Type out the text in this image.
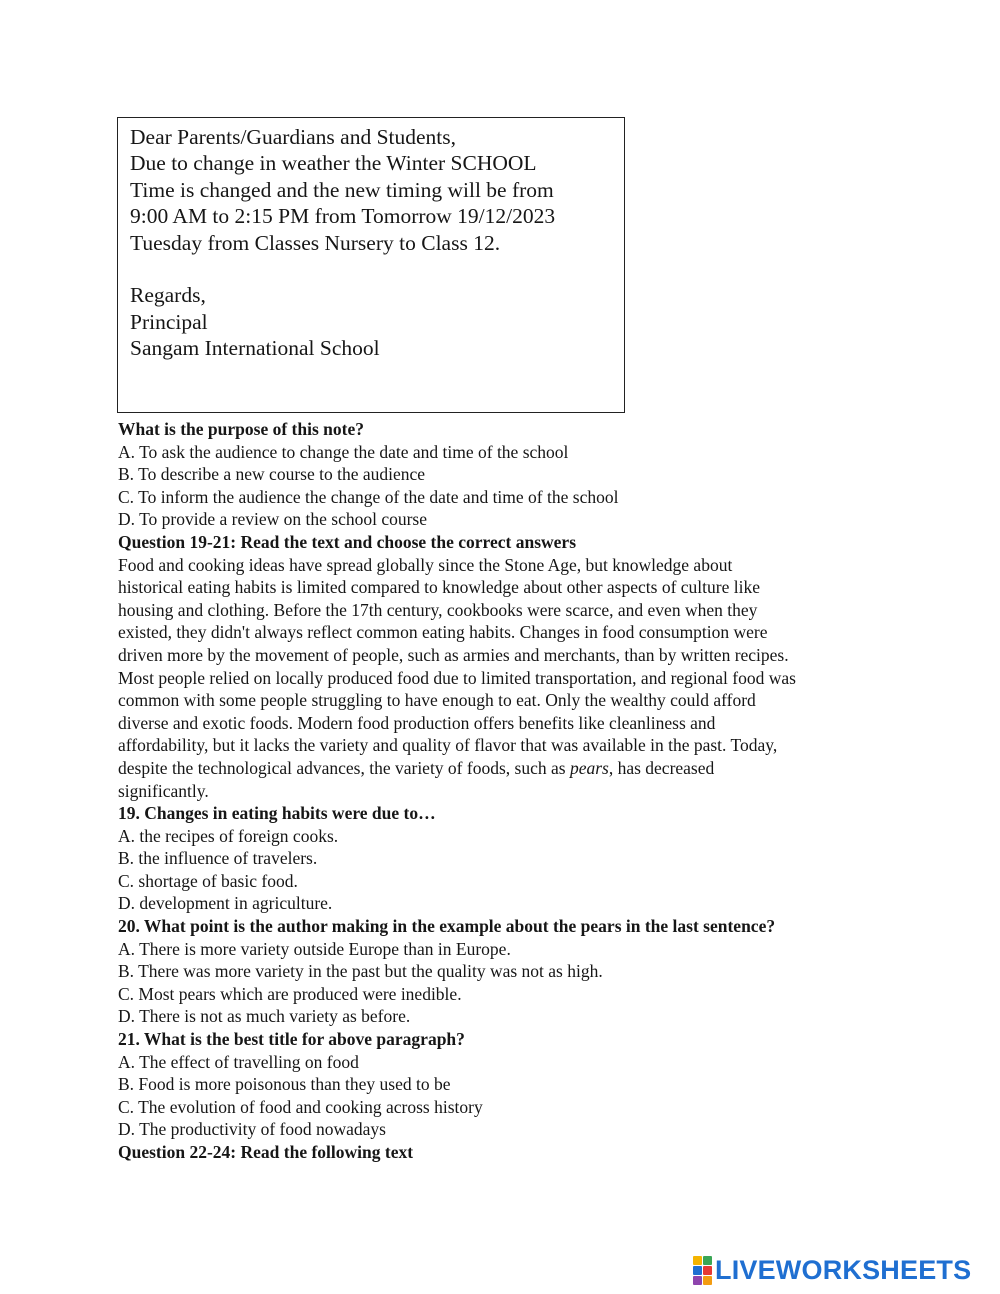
Dear Parents/Guardians and Students,
Due to change in weather the Winter SCHOOL
Time is changed and the new timing will be from
9:00 AM to 2:15 PM from Tomorrow 19/12/2023
Tuesday from Classes Nursery to Class 12.
Regards,
Principal
Sangam International School
What is the purpose of this note?
A. To ask the audience to change the date and time of the school
B. To describe a new course to the audience
C. To inform the audience the change of the date and time of the school
D. To provide a review on the school course
Question 19-21: Read the text and choose the correct answers
Food and cooking ideas have spread globally since the Stone Age, but knowledge about
historical eating habits is limited compared to knowledge about other aspects of culture like
housing and clothing. Before the 17th century, cookbooks were scarce, and even when they
existed, they didn't always reflect common eating habits. Changes in food consumption were
driven more by the movement of people, such as armies and merchants, than by written recipes.
Most people relied on locally produced food due to limited transportation, and regional food was
common with some people struggling to have enough to eat. Only the wealthy could afford
diverse and exotic foods. Modern food production offers benefits like cleanliness and
affordability, but it lacks the variety and quality of flavor that was available in the past. Today,
despite the technological advances, the variety of foods, such as pears, has decreased
significantly.
19. Changes in eating habits were due to…
A. the recipes of foreign cooks.
B. the influence of travelers.
C. shortage of basic food.
D. development in agriculture.
20. What point is the author making in the example about the pears in the last sentence?
A. There is more variety outside Europe than in Europe.
B. There was more variety in the past but the quality was not as high.
C. Most pears which are produced were inedible.
D. There is not as much variety as before.
21. What is the best title for above paragraph?
A. The effect of travelling on food
B. Food is more poisonous than they used to be
C. The evolution of food and cooking across history
D. The productivity of food nowadays
Question 22-24: Read the following text
LIVEWORKSHEETS
